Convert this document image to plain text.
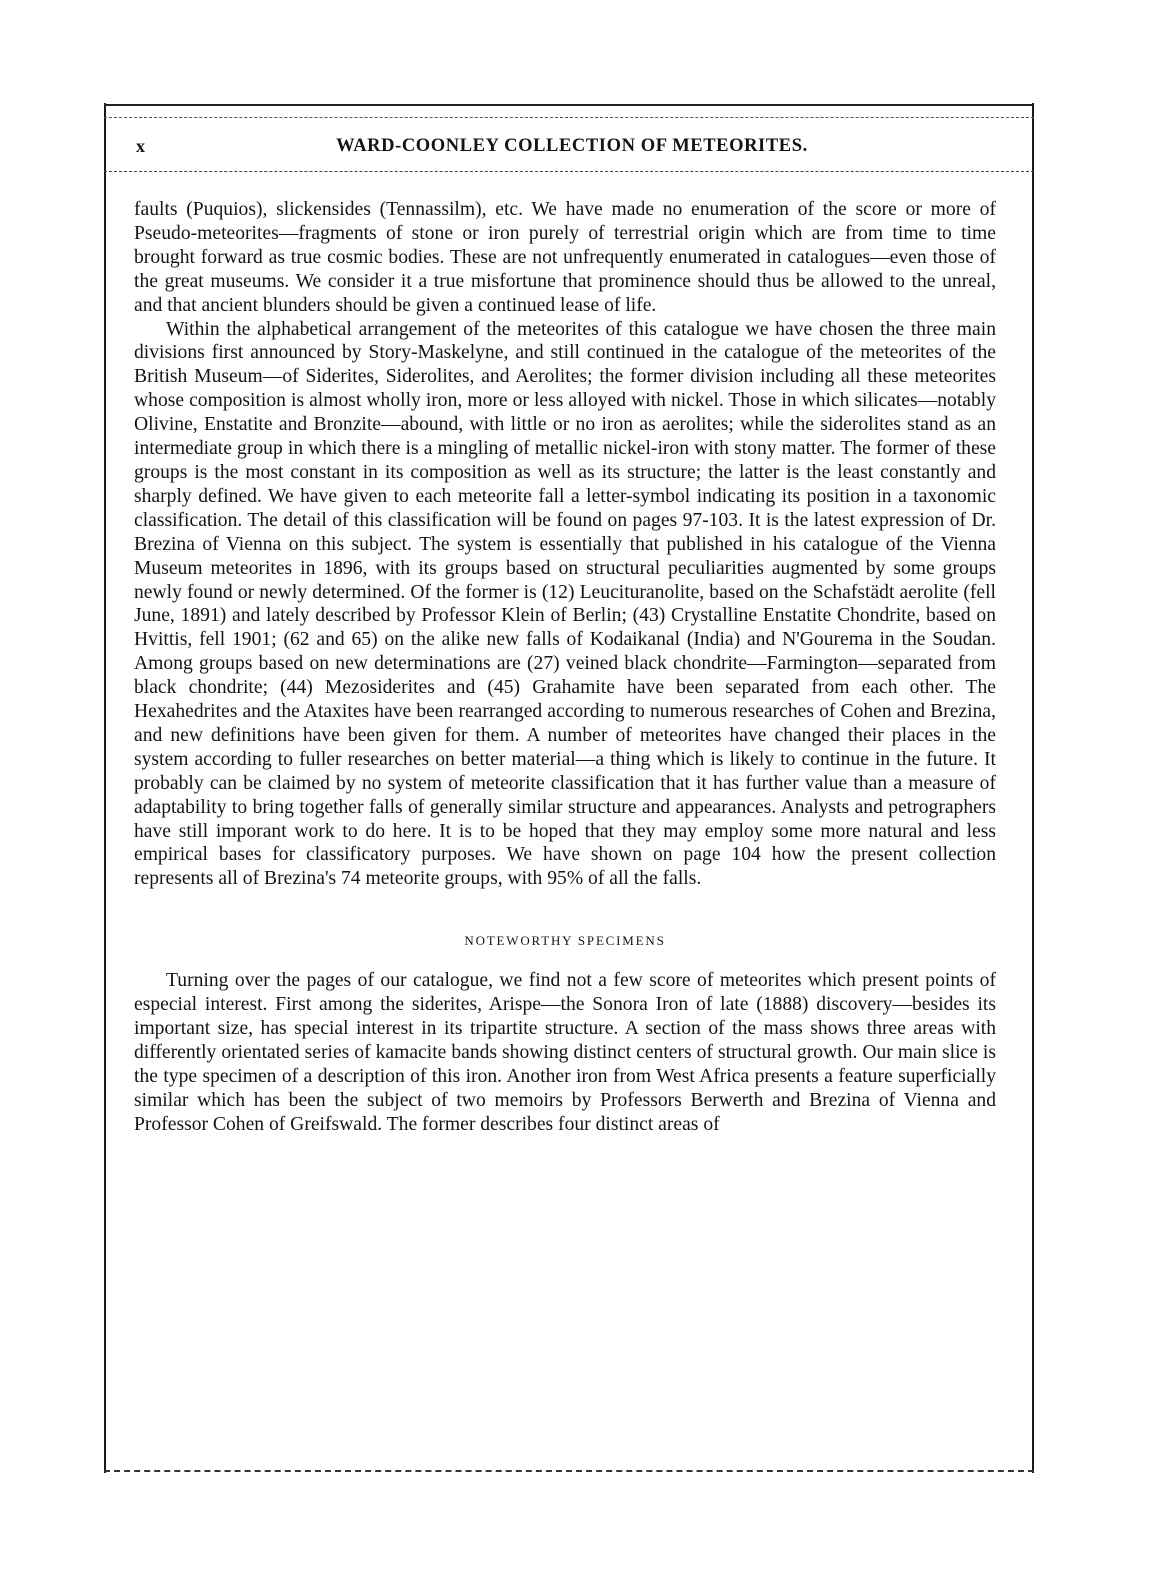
x	WARD-COONLEY COLLECTION OF METEORITES.

faults (Puquios), slickensides (Tennassilm), etc. We have made no enumeration of the score or more of Pseudo-meteorites—fragments of stone or iron purely of terrestrial origin which are from time to time brought forward as true cosmic bodies. These are not unfrequently enumerated in catalogues—even those of the great museums. We consider it a true misfortune that prominence should thus be allowed to the unreal, and that ancient blunders should be given a continued lease of life.

Within the alphabetical arrangement of the meteorites of this catalogue we have chosen the three main divisions first announced by Story-Maskelyne, and still continued in the catalogue of the meteorites of the British Museum—of Siderites, Siderolites, and Aerolites; the former division including all these meteorites whose composition is almost wholly iron, more or less alloyed with nickel. Those in which silicates—notably Olivine, Enstatite and Bronzite—abound, with little or no iron as aerolites; while the siderolites stand as an intermediate group in which there is a mingling of metallic nickel-iron with stony matter. The former of these groups is the most constant in its composition as well as its structure; the latter is the least constantly and sharply defined. We have given to each meteorite fall a letter-symbol indicating its position in a taxonomic classification. The detail of this classification will be found on pages 97-103. It is the latest expression of Dr. Brezina of Vienna on this subject. The system is essentially that published in his catalogue of the Vienna Museum meteorites in 1896, with its groups based on structural peculiarities augmented by some groups newly found or newly determined. Of the former is (12) Leucituranolite, based on the Schafstädt aerolite (fell June, 1891) and lately described by Professor Klein of Berlin; (43) Crystalline Enstatite Chondrite, based on Hvittis, fell 1901; (62 and 65) on the alike new falls of Kodaikanal (India) and N'Gourema in the Soudan. Among groups based on new determinations are (27) veined black chondrite—Farmington—separated from black chondrite; (44) Mezosiderites and (45) Grahamite have been separated from each other. The Hexahedrites and the Ataxites have been rearranged according to numerous researches of Cohen and Brezina, and new definitions have been given for them. A number of meteorites have changed their places in the system according to fuller researches on better material—a thing which is likely to continue in the future. It probably can be claimed by no system of meteorite classification that it has further value than a measure of adaptability to bring together falls of generally similar structure and appearances. Analysts and petrographers have still imporant work to do here. It is to be hoped that they may employ some more natural and less empirical bases for classificatory purposes. We have shown on page 104 how the present collection represents all of Brezina's 74 meteorite groups, with 95% of all the falls.

NOTEWORTHY SPECIMENS

Turning over the pages of our catalogue, we find not a few score of meteorites which present points of especial interest. First among the siderites, Arispe—the Sonora Iron of late (1888) discovery—besides its important size, has special interest in its tripartite structure. A section of the mass shows three areas with differently orientated series of kamacite bands showing distinct centers of structural growth. Our main slice is the type specimen of a description of this iron. Another iron from West Africa presents a feature superficially similar which has been the subject of two memoirs by Professors Berwerth and Brezina of Vienna and Professor Cohen of Greifswald. The former describes four distinct areas of
